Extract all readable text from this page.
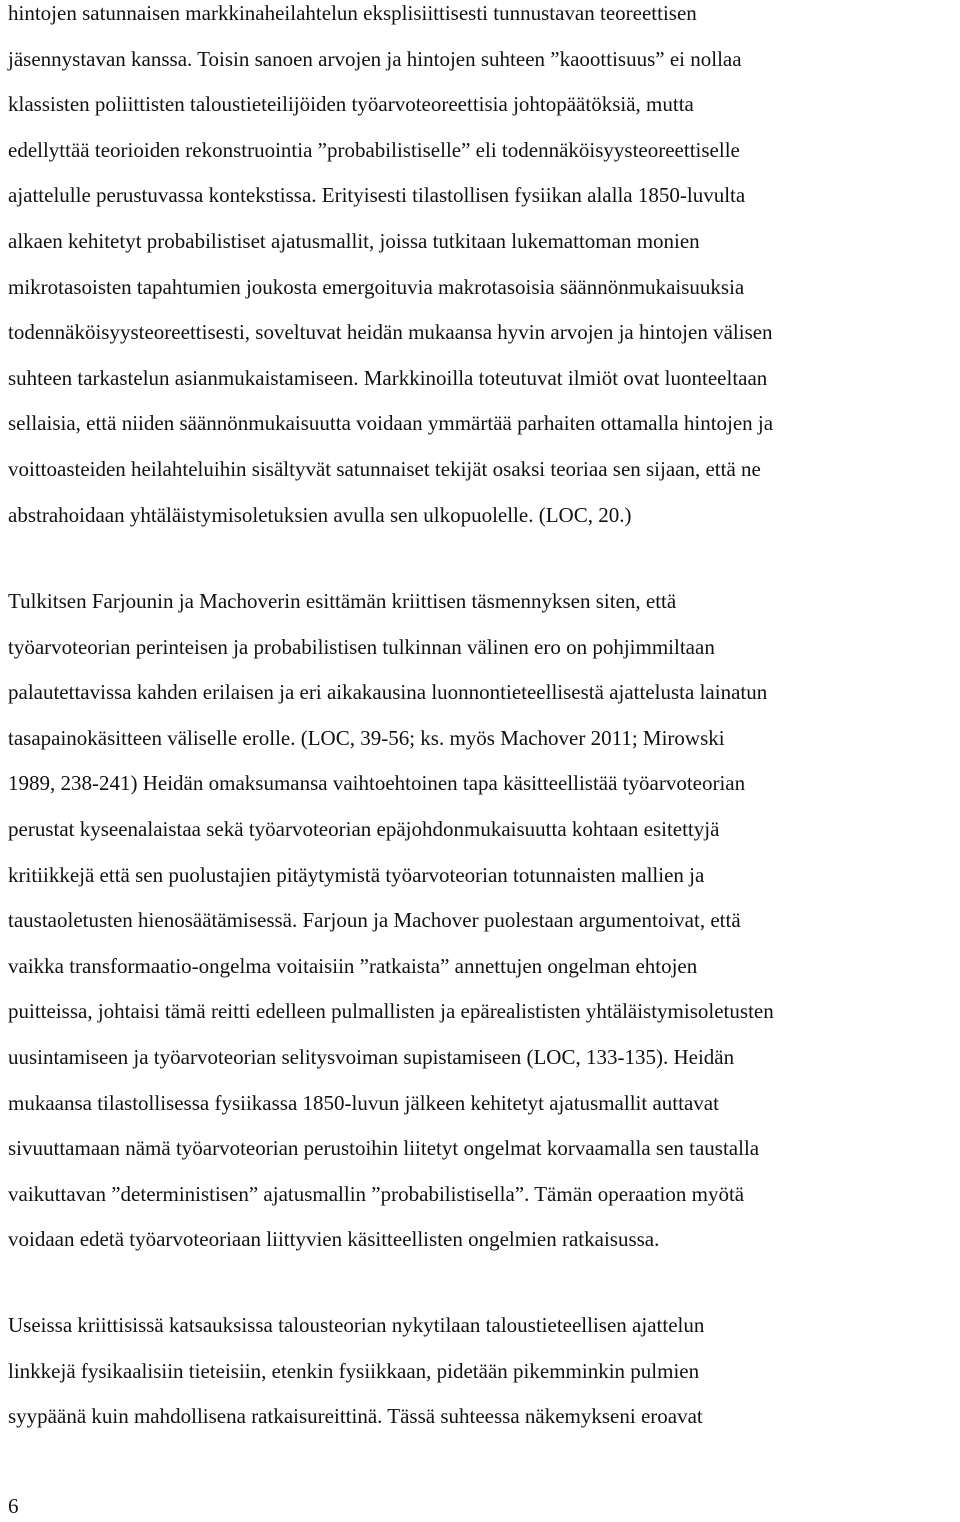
hintojen satunnaisen markkinaheilahtelun eksplisiittisesti tunnustavan teoreettisen
jäsennystavan kanssa. Toisin sanoen arvojen ja hintojen suhteen ”kaoottisuus” ei nollaa
klassisten poliittisten taloustieteilijöiden työarvoteoreettisia johtopäätöksiä, mutta
edellyttää teorioiden rekonstruointia ”probabilistiselle” eli todennäköisyysteoreettiselle
ajattelulle perustuvassa kontekstissa. Erityisesti tilastollisen fysiikan alalla 1850-luvulta
alkaen kehitetyt probabilistiset ajatusmallit, joissa tutkitaan lukemattoman monien
mikrotasoisten tapahtumien joukosta emergoituvia makrotasoisia säännönmukaisuuksia
todennäköisyysteoreettisesti, soveltuvat heidän mukaansa hyvin arvojen ja hintojen välisen
suhteen tarkastelun asianmukaistamiseen. Markkinoilla toteutuvat ilmiöt ovat luonteeltaan
sellaisia, että niiden säännönmukaisuutta voidaan ymmärtää parhaiten ottamalla hintojen ja
voittoasteiden heilahteluihin sisältyvät satunnaiset tekijät osaksi teoriaa sen sijaan, että ne
abstrahoidaan yhtäläistymisoletuksien avulla sen ulkopuolelle. (LOC, 20.)
Tulkitsen Farjounin ja Machoverin esittämän kriittisen täsmennyksen siten, että
työarvoteorian perinteisen ja probabilistisen tulkinnan välinen ero on pohjimmiltaan
palautettavissa kahden erilaisen ja eri aikakausina luonnontieteellisestä ajattelusta lainatun
tasapainokäsitteen väliselle erolle. (LOC, 39-56; ks. myös Machover 2011; Mirowski
1989, 238-241) Heidän omaksumansa vaihtoehtoinen tapa käsitteellistää työarvoteorian
perustat kyseenalaistaa sekä työarvoteorian epäjohdonmukaisuutta kohtaan esitettyjä
kritiikkejä että sen puolustajien pitäytymistä työarvoteorian totunnaisten mallien ja
taustaoletusten hienosäätämisessä. Farjoun ja Machover puolestaan argumentoivat, että
vaikka transformaatio-ongelma voitaisiin ”ratkaista” annettujen ongelman ehtojen
puitteissa, johtaisi tämä reitti edelleen pulmallisten ja epärealististen yhtäläistymisoletusten
uusintamiseen ja työarvoteorian selitysvoiman supistamiseen (LOC, 133-135). Heidän
mukaansa tilastollisessa fysiikassa 1850-luvun jälkeen kehitetyt ajatusmallit auttavat
sivuuttamaan nämä työarvoteorian perustoihin liitetyt ongelmat korvaamalla sen taustalla
vaikuttavan ”deterministisen” ajatusmallin ”probabilistisella”. Tämän operaation myötä
voidaan edetä työarvoteoriaan liittyvien käsitteellisten ongelmien ratkaisussa.
Useissa kriittisissä katsauksissa talousteorian nykytilaan taloustieteellisen ajattelun
linkkejä fysikaalisiin tieteisiin, etenkin fysiikkaan, pidetään pikemminkin pulmien
syypäänä kuin mahdollisena ratkaisureittinä. Tässä suhteessa näkemykseni eroavat
6
